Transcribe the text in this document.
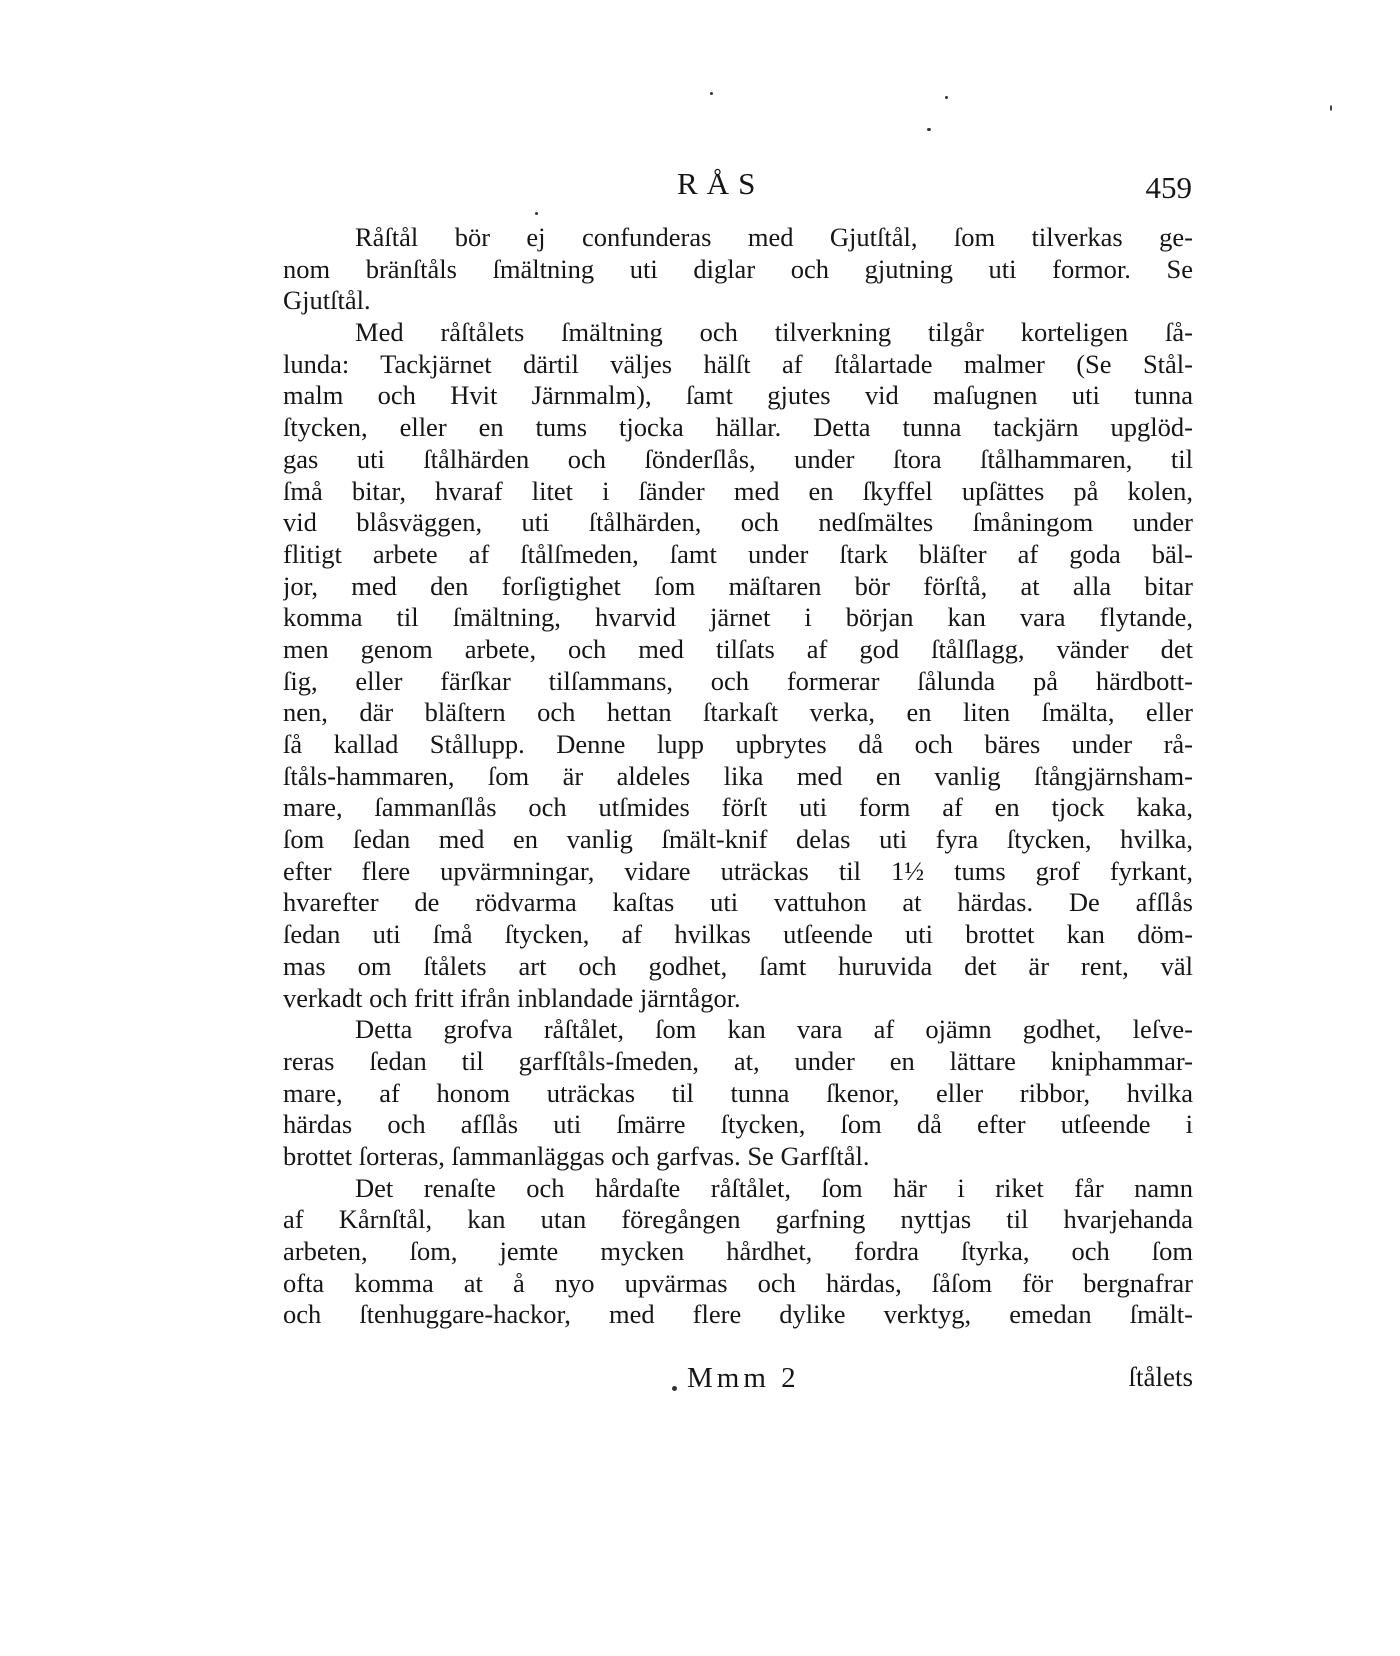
RÅS	459
Råſtål bör ej confunderas med Gjutſtål, ſom tilverkas ge-
nom bränſtåls ſmältning uti diglar och gjutning uti formor. Se
Gjutſtål.
Med råſtålets ſmältning och tilverkning tilgår korteligen ſå-
lunda: Tackjärnet därtil väljes hälſt af ſtålartade malmer (Se Stål-
malm och Hvit Järnmalm), ſamt gjutes vid maſugnen uti tunna
ſtycken, eller en tums tjocka hällar. Detta tunna tackjärn upglöd-
gas uti ſtålhärden och ſönderſlås, under ſtora ſtålhammaren, til
ſmå bitar, hvaraf litet i ſänder med en ſkyffel upſättes på kolen,
vid blåsväggen, uti ſtålhärden, och nedſmältes ſmåningom under
flitigt arbete af ſtålſmeden, ſamt under ſtark bläſter af goda bäl-
jor, med den forſigtighet ſom mäſtaren bör förſtå, at alla bitar
komma til ſmältning, hvarvid järnet i början kan vara flytande,
men genom arbete, och med tilſats af god ſtålſlagg, vänder det
ſig, eller färſkar tilſammans, och formerar ſålunda på härdbott-
nen, där bläſtern och hettan ſtarkaſt verka, en liten ſmälta, eller
ſå kallad Stållupp. Denne lupp upbrytes då och bäres under rå-
ſtåls-hammaren, ſom är aldeles lika med en vanlig ſtångjärnsham-
mare, ſammanſlås och utſmides förſt uti form af en tjock kaka,
ſom ſedan med en vanlig ſmält-knif delas uti fyra ſtycken, hvilka,
efter flere upvärmningar, vidare uträckas til 1½ tums grof fyrkant,
hvarefter de rödvarma kaſtas uti vattuhon at härdas. De afſlås
ſedan uti ſmå ſtycken, af hvilkas utſeende uti brottet kan döm-
mas om ſtålets art och godhet, ſamt huruvida det är rent, väl
verkadt och fritt ifrån inblandade järntågor.
Detta grofva råſtålet, ſom kan vara af ojämn godhet, leſve-
reras ſedan til garfſtåls-ſmeden, at, under en lättare kniphammar-
mare, af honom uträckas til tunna ſkenor, eller ribbor, hvilka
härdas och afſlås uti ſmärre ſtycken, ſom då efter utſeende i
brottet ſorteras, ſammanläggas och garfvas. Se Garfſtål.
Det renaſte och hårdaſte råſtålet, ſom här i riket får namn
af Kårnſtål, kan utan föregången garfning nyttjas til hvarjehanda
arbeten, ſom, jemte mycken hårdhet, fordra ſtyrka, och ſom
ofta komma at å nyo upvärmas och härdas, ſåſom för bergnafrar
och ſtenhuggare-hackor, med flere dylike verktyg, emedan ſmält-
Mmm 2	ſtålets
